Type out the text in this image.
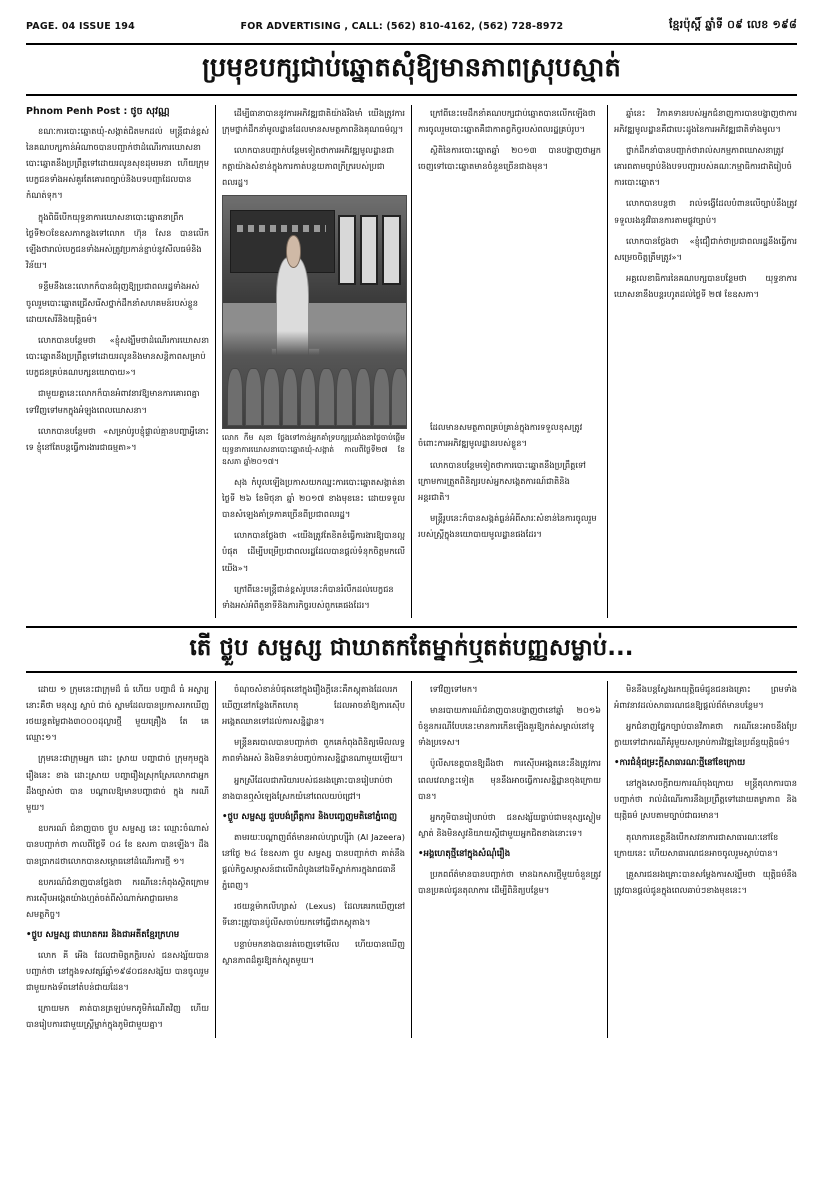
PAGE. 04 ISSUE 194	FOR ADVERTISING , CALL: (562) 810-4162, (562) 728-8972	ខ្មែរប៉ុស្តិ៍ ឆ្នាំទី ០៩ លេខ ១៩៨
ប្រមុខបក្សជាប់ឆ្នោតសុំឱ្យមានភាពស្រុបស្មាត់
Phnom Penh Post : ថូច សុវណ្ណ

ខណៈការបោះឆ្នោតឃុំ-សង្កាត់ជិតមកដល់ មន្ត្រីជាន់ខ្ពស់នៃគណបក្សកាន់អំណាចបានបញ្ជាក់ថាដំណើរការឃោសនាបោះឆ្នោតនឹងប្រព្រឹត្តទៅដោយរលូនសុខដុមរមនា ហើយក្រុមបេក្ខជនទាំងអស់គួរតែគោរពច្បាប់និងបទបញ្ជាដែលបានកំណត់ទុក។

ក្នុងពិធីបើកយុទ្ធនាការឃោសនាបោះឆ្នោតនាព្រឹកថ្ងៃទី២០ខែឧសភាកន្លងទៅលោក ហ៊ុន សែន បានលើកឡើងថារាល់បេក្ខជនទាំងអស់ត្រូវប្រកាន់ខ្ជាប់នូវសីលធម៌និងវិន័យ។

ទន្ទឹមនឹងនេះលោកក៏បានជំរុញឱ្យប្រជាពលរដ្ឋទាំងអស់ចូលរួមបោះឆ្នោតជ្រើសរើសថ្នាក់ដឹកនាំសហគមន៍របស់ខ្លួនដោយសេរីនិងយុត្តិធម៌។

លោកបានបន្ថែមថា «ខ្ញុំសង្ឃឹមថាដំណើរការឃោសនាបោះឆ្នោតនឹងប្រព្រឹត្តទៅដោយរលូននិងមានសន្តិភាពសម្រាប់បេក្ខជនគ្រប់គណបក្សនយោបាយ»។

ជាមួយគ្នានេះលោកក៏បានអំពាវនាវឱ្យមានការគោរពគ្នាទៅវិញទៅមកក្នុងអំឡុងពេលឃោសនា។

លោកបានបន្ថែមថា «សម្រាប់រូបខ្ញុំផ្ទាល់គ្មានបញ្ហាអ្វីនោះទេ ខ្ញុំនៅតែបន្តធ្វើការងារជាធម្មតា»។

ដើម្បីធានាបាននូវការអភិវឌ្ឍជាតិយ៉ាងរឹងមាំ យើងត្រូវការក្រុមថ្នាក់ដឹកនាំមូលដ្ឋានដែលមានសមត្ថភាពនិងគុណធម៌ល្អ។

លោកបានបញ្ជាក់បន្ថែមទៀតថាការអភិវឌ្ឍមូលដ្ឋានជាកត្តាយ៉ាងសំខាន់ក្នុងការកាត់បន្ថយភាពក្រីក្ររបស់ប្រជាពលរដ្ឋ។

លោក កឹម សុខា ថ្លែងទៅកាន់អ្នកគាំទ្របក្សប្រឆាំងនាថ្ងៃចាប់ផ្តើមយុទ្ធនាការឃោសនាបោះឆ្នោតឃុំ-សង្កាត់ កាលពីថ្ងៃទី២៧ ខែឧសភា ឆ្នាំ២០១៧។

សុង កំបូលឡើងប្រកាសយកឈ្នះការបោះឆ្នោតសង្កាត់នាថ្ងៃទី ២៦ ខែមិថុនា ឆ្នាំ ២០១៧ ខាងមុខនេះ ដោយទទួលបានសំឡេងគាំទ្រភាគច្រើនពីប្រជាពលរដ្ឋ។

លោកបានថ្លែងថា «យើងត្រូវតែខិតខំធ្វើការងារឱ្យបានល្អបំផុត ដើម្បីបម្រើប្រជាពលរដ្ឋដែលបានផ្តល់ទំនុកចិត្តមកលើយើង»។

ក្រៅពីនេះមន្ត្រីជាន់ខ្ពស់រូបនេះក៏បានរំលឹកដល់បេក្ខជនទាំងអស់អំពីតួនាទីនិងភារកិច្ចរបស់ពួកគេផងដែរ។

ក្រៅពីនេះមេដឹកនាំគណបក្សជាប់ឆ្នោតបានលើកឡើងថាការចូលរួមបោះឆ្នោតគឺជាកាតព្វកិច្ចរបស់ពលរដ្ឋគ្រប់រូប។

ស្ថិតិនៃការបោះឆ្នោតឆ្នាំ ២០១៣ បានបង្ហាញថាអ្នកចេញទៅបោះឆ្នោតមានចំនួនច្រើនជាងមុន។

ដែលមានសមត្ថភាពគ្រប់គ្រាន់ក្នុងការទទួលខុសត្រូវចំពោះការអភិវឌ្ឍមូលដ្ឋានរបស់ខ្លួន។

លោកបានបន្ថែមទៀតថាការបោះឆ្នោតនឹងប្រព្រឹត្តទៅក្រោមការត្រួតពិនិត្យរបស់អ្នកសង្កេតការណ៍ជាតិនិងអន្តរជាតិ។

មន្ត្រីរូបនេះក៏បានសង្កត់ធ្ងន់អំពីសារៈសំខាន់នៃការចូលរួមរបស់ស្ត្រីក្នុងនយោបាយមូលដ្ឋានផងដែរ។

ឆ្នាំនេះ វិភាគទានរបស់អ្នកជំនាញការបានបង្ហាញថាការអភិវឌ្ឍមូលដ្ឋានគឺជាបេះដូងនៃការអភិវឌ្ឍជាតិទាំងមូល។

ថ្នាក់ដឹកនាំបានបញ្ជាក់ថារាល់សកម្មភាពឃោសនាត្រូវគោរពតាមច្បាប់និងបទបញ្ជារបស់គណៈកម្មាធិការជាតិរៀបចំការបោះឆ្នោត។

លោកបានបន្តថា រាល់ទង្វើដែលបំពានលើច្បាប់នឹងត្រូវទទួលរងនូវវិធានការតាមផ្លូវច្បាប់។

លោកបានថ្លែងថា «ខ្ញុំជឿជាក់ថាប្រជាពលរដ្ឋនឹងធ្វើការសម្រេចចិត្តត្រឹមត្រូវ»។

អគ្គលេខាធិការនៃគណបក្សបានបន្ថែមថា យុទ្ធនាការឃោសនានឹងបន្តរហូតដល់ថ្ងៃទី ២៧ ខែឧសភា។

តើ ថ្លួប សម្ផស្ស ជាឃាតកតែម្នាក់ឬតត់បញ្ញសម្លាប់...

ដោយ ១ ក្រុមនេះជាក្រុមដ៏ ធំ ហើយ បញ្ហាដ៏ ធំ អស្ចារ្យនោះគឺថា មនុស្ស ស្លាប់ ជាច់ ស្នាមដែលបានប្រកាសរកឃើញរថយន្តតម្លៃជាង៣០០០ដុល្លារថ្មី មួយគ្រឿង តែ គេ ឈ្មោះ១។

ក្រុមនេះជាក្រុមអ្នក ដោះ ស្រាយ បញ្ហាជាច់ ក្រុមកុមក្នុង រឿងនេះ ខាង ដោះស្រាយ បញ្ហារឿងស្រុកស្រែលោកជាអ្នកដឹងច្បាស់ថា បាន បណ្តាលឱ្យមានបញ្ហាជាច់ ក្នុង ករណី មួយ។

ឧបករណ៍ ជំនាញបាច ថ្លួប សម្ផស្ស នេះ ឈ្មោះចំណាស់បានបញ្ជាក់ថា កាលពីថ្ងៃទី ០៤ ខែ ឧសភា បានឡើង។ ដឹងបានប្រាកដថាលោកបានសម្ភោធនៅដំណើរការថ្មី ១។

ឧបករណ៍ជំនាញបានថ្លែងថា ករណីនេះកំពុងស្ថិតក្រោមការស៊ើបអង្កេតយ៉ាងហ្មត់ចត់ពីសំណាក់អាជ្ញាធរមានសមត្ថកិច្ច។

•ថ្លួប សម្ផស្ស ជាឃាតកររ និងជាអតីតខ្មែរក្រហម

លោក គី អើង ដែលជាមិត្តភក្តិរបស់ ជនសង្ស័យបានបញ្ជាក់ថា នៅក្នុងទសវត្សរ៍ឆ្នាំ១៩៨០ជនសង្ស័យ បានចូលរួមជាមួយកងទ័ពនៅតំបន់ជាយដែន។

ក្រោយមក គាត់បានត្រឡប់មកភូមិកំណើតវិញ ហើយបានរៀបការជាមួយស្ត្រីម្នាក់ក្នុងភូមិជាមួយគ្នា។

ចំណុចសំខាន់បំផុតនៅក្នុងរឿងក្តីនេះគឺភស្តុតាងដែលរកឃើញនៅកន្លែងកើតហេតុ ដែលអាចនាំឱ្យការស៊ើបអង្កេតឈានទៅដល់ការសន្និដ្ឋាន។

មន្ត្រីនគរបាលបានបញ្ជាក់ថា ពួកគេកំពុងពិនិត្យមើលលទ្ធភាពទាំងអស់ និងមិនទាន់បញ្ចប់ការសន្និដ្ឋានណាមួយឡើយ។

អ្នកស្រីដែលជាភរិយារបស់ជនរងគ្រោះបានរៀបរាប់ថា នាងបានឮសំឡេងស្រែកយំនៅពេលយប់ជ្រៅ។

•ថ្លួប សម្ផស្ស ជួបបង់ព្រឹត្តការ និងបញ្ចេញមតិនៅភ្នំពេញ

តាមរយៈបណ្តាញព័ត៌មានអាល់ហ្សាហ្ស៊ីរ៉ា (Al Jazeera) នៅថ្ងៃ ២៤ ខែឧសភា ថ្លួប សម្ផស្ស បានបញ្ជាក់ថា គាត់នឹងផ្តល់កិច្ចសម្ភាសន៍ជាលើកដំបូងនៅឯទីស្នាក់ការក្នុងរាជធានីភ្នំពេញ។

រថយន្តម៉ាកលីហ្សាស់ (Lexus) ដែលគេរកឃើញនៅទីនោះត្រូវបានប៉ូលីសចាប់យកទៅធ្វើជាភស្តុតាង។

បន្ទាប់មកនាងបានរត់ចេញទៅមើល ហើយបានឃើញស្ថានភាពដ៏គួរឱ្យតក់ស្លុតមួយ។

ទៅវិញទៅមក។

មានរបាយការណ៍ជំនាញបានបង្ហាញថានៅឆ្នាំ ២០១៦ ចំនួនករណីបែបនេះមានការកើនឡើងគួរឱ្យកត់សម្គាល់នៅទូទាំងប្រទេស។

ប៉ូលីសខេត្តបានឱ្យដឹងថា ការស៊ើបអង្កេតនេះនឹងត្រូវការពេលវេលាខ្លះទៀត មុននឹងអាចធ្វើការសន្និដ្ឋានចុងក្រោយបាន។

អ្នកភូមិបានរៀបរាប់ថា ជនសង្ស័យធ្លាប់ជាមនុស្សស្ងៀមស្ងាត់ និងមិនសូវនិយាយស្តីជាមួយអ្នកជិតខាងនោះទេ។

•អង្គហេតុថ្មីនៅក្នុងសំណុំរឿង

ប្រភពព័ត៌មានបានបញ្ជាក់ថា មានឯកសារថ្មីមួយចំនួនត្រូវបានប្រគល់ជូនតុលាការ ដើម្បីពិនិត្យបន្ថែម។

មិននឹងបន្តស្វែងរកយុត្តិធម៌ជូនជនរងគ្រោះ ព្រមទាំងអំពាវនាវដល់សាធារណជនឱ្យផ្តល់ព័ត៌មានបន្ថែម។

អ្នកជំនាញផ្នែកច្បាប់បានវិភាគថា ករណីនេះអាចនឹងប្រែក្លាយទៅជាករណីគំរូមួយសម្រាប់ការវិវឌ្ឍនៃប្រព័ន្ធយុត្តិធម៌។

•ការជំនុំជម្រះក្តីសាធារណៈថ្មីនៅខែក្រោយ

នៅក្នុងសេចក្តីរាយការណ៍ចុងក្រោយ មន្ត្រីតុលាការបានបញ្ជាក់ថា រាល់ដំណើរការនឹងប្រព្រឹត្តទៅដោយតម្លាភាព និងយុត្តិធម៌ ស្របតាមច្បាប់ជាធរមាន។

តុលាការខេត្តនឹងបើកសវនាការជាសាធារណៈនៅខែក្រោយនេះ ហើយសាធារណជនអាចចូលរួមស្តាប់បាន។

គ្រួសារជនរងគ្រោះបានសម្តែងការសង្ឃឹមថា យុត្តិធម៌នឹងត្រូវបានផ្តល់ជូនក្នុងពេលឆាប់ៗខាងមុខនេះ។
